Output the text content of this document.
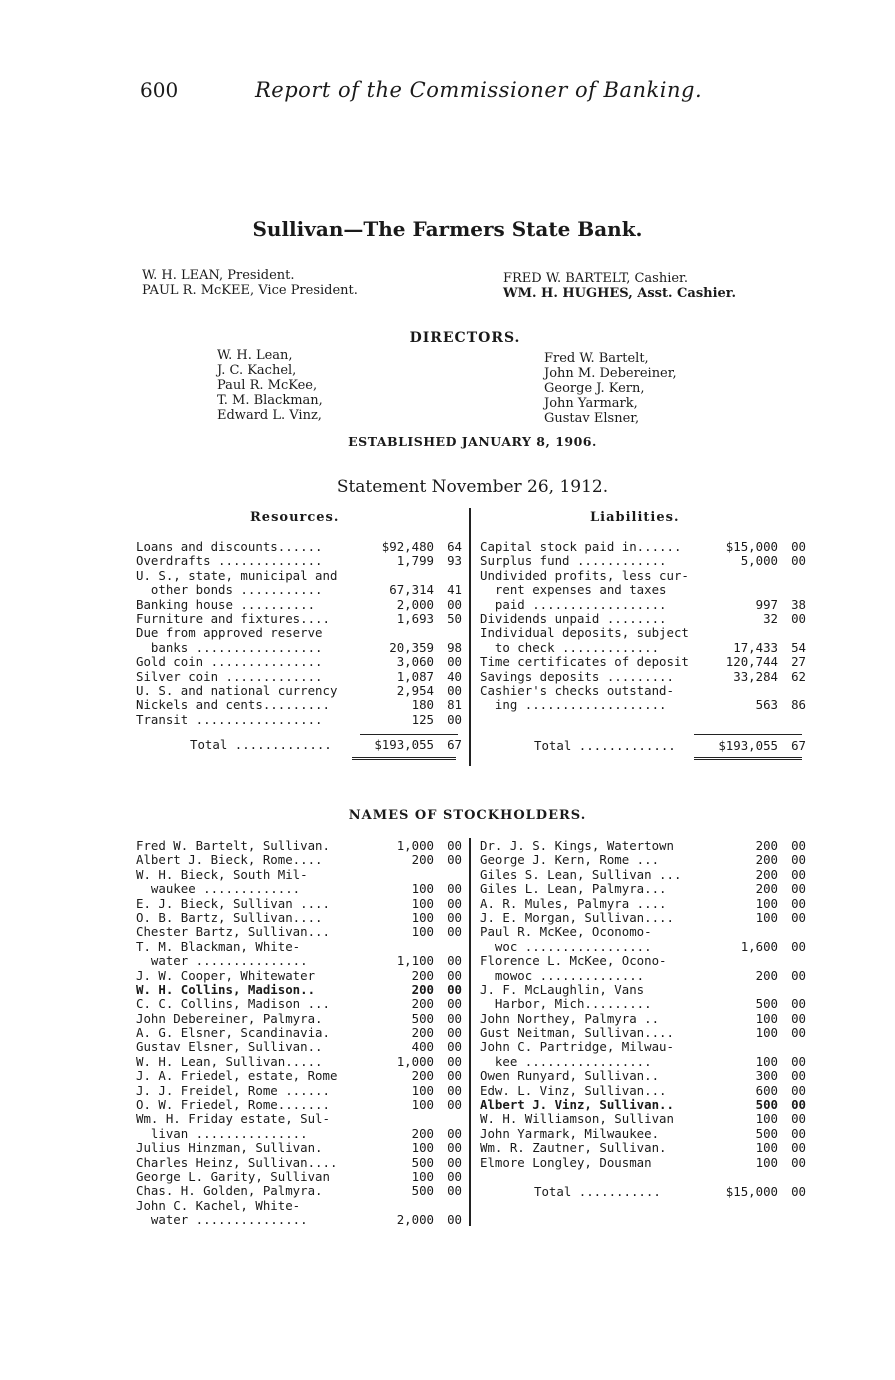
600	Report of the Commissioner of Banking.
Sullivan—The Farmers State Bank.
W. H. LEAN, President.
PAUL R. McKEE, Vice President.
FRED W. BARTELT, Cashier.
WM. H. HUGHES, Asst. Cashier.
DIRECTORS.
W. H. Lean,
J. C. Kachel,
Paul R. McKee,
T. M. Blackman,
Edward L. Vinz,
Fred W. Bartelt,
John M. Debereiner,
George J. Kern,
John Yarmark,
Gustav Elsner,
ESTABLISHED JANUARY 8, 1906.
Statement November 26, 1912.
Resources.	Liabilities.
Loans and discounts......	$92,480 64
Overdrafts ..............	1,799 93
U. S., state, municipal and
other bonds ...........	67,314 41
Banking house ..........	2,000 00
Furniture and fixtures....	1,693 50
Due from approved reserve
banks .................	20,359 98
Gold coin ...............	3,060 00
Silver coin .............	1,087 40
U. S. and national currency	2,954 00
Nickels and cents.........	180 81
Transit .................	125 00
Capital stock paid in......	$15,000 00
Surplus fund ............	5,000 00
Undivided profits, less cur-
rent expenses and taxes
paid ..................	997 38
Dividends unpaid ........	32 00
Individual deposits, subject
to check .............	17,433 54
Time certificates of deposit	120,744 27
Savings deposits .........	33,284 62
Cashier's checks outstand-
ing ...................	563 86
Total .............	$193,055 67	Total .............	$193,055 67
NAMES OF STOCKHOLDERS.
Fred W. Bartelt, Sullivan.	1,000 00
Albert J. Bieck, Rome....	200 00
W. H. Bieck, South Mil-
waukee .............	100 00
E. J. Bieck, Sullivan ....	100 00
O. B. Bartz, Sullivan....	100 00
Chester Bartz, Sullivan...	100 00
T. M. Blackman, White-
water ...............	1,100 00
J. W. Cooper, Whitewater	200 00
W. H. Collins, Madison..	200 00
C. C. Collins, Madison ...	200 00
John Debereiner, Palmyra.	500 00
A. G. Elsner, Scandinavia.	200 00
Gustav Elsner, Sullivan..	400 00
W. H. Lean, Sullivan.....	1,000 00
J. A. Friedel, estate, Rome	200 00
J. J. Freidel, Rome ......	100 00
O. W. Friedel, Rome.......	100 00
Wm. H. Friday estate, Sul-
livan ...............	200 00
Julius Hinzman, Sullivan.	100 00
Charles Heinz, Sullivan....	500 00
George L. Garity, Sullivan	100 00
Chas. H. Golden, Palmyra.	500 00
John C. Kachel, White-
water ...............	2,000 00
Dr. J. S. Kings, Watertown	200 00
George J. Kern, Rome ...	200 00
Giles S. Lean, Sullivan ...	200 00
Giles L. Lean, Palmyra...	200 00
A. R. Mules, Palmyra ....	100 00
J. E. Morgan, Sullivan....	100 00
Paul R. McKee, Oconomo-
woc .................	1,600 00
Florence L. McKee, Ocono-
mowoc ..............	200 00
J. F. McLaughlin, Vans
Harbor, Mich.........	500 00
John Northey, Palmyra ..	100 00
Gust Neitman, Sullivan....	100 00
John C. Partridge, Milwau-
kee .................	100 00
Owen Runyard, Sullivan..	300 00
Edw. L. Vinz, Sullivan...	600 00
Albert J. Vinz, Sullivan..	500 00
W. H. Williamson, Sullivan	100 00
John Yarmark, Milwaukee.	500 00
Wm. R. Zautner, Sullivan.	100 00
Elmore Longley, Dousman	100 00
Total ...........	$15,000 00
